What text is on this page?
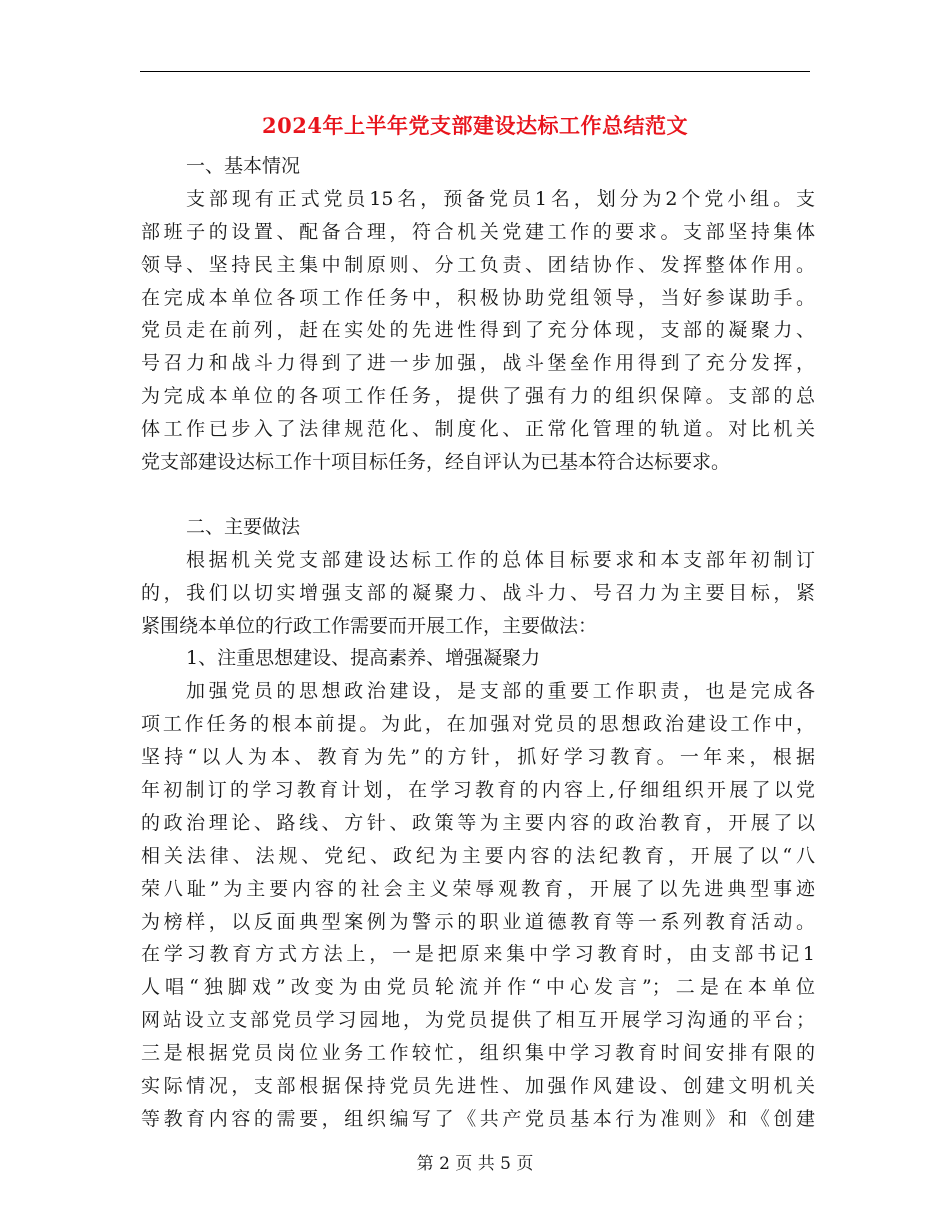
2024年上半年党支部建设达标工作总结范文
一、基本情况
支部现有正式党员15名，预备党员1名，划分为2个党小组。支
部班子的设置、配备合理，符合机关党建工作的要求。支部坚持集体
领导、坚持民主集中制原则、分工负责、团结协作、发挥整体作用。
在完成本单位各项工作任务中，积极协助党组领导，当好参谋助手。
党员走在前列，赶在实处的先进性得到了充分体现，支部的凝聚力、
号召力和战斗力得到了进一步加强，战斗堡垒作用得到了充分发挥，
为完成本单位的各项工作任务，提供了强有力的组织保障。支部的总
体工作已步入了法律规范化、制度化、正常化管理的轨道。对比机关
党支部建设达标工作十项目标任务，经自评认为已基本符合达标要求。
二、主要做法
根据机关党支部建设达标工作的总体目标要求和本支部年初制订
的，我们以切实增强支部的凝聚力、战斗力、号召力为主要目标，紧
紧围绕本单位的行政工作需要而开展工作，主要做法：
1、注重思想建设、提高素养、增强凝聚力
加强党员的思想政治建设，是支部的重要工作职责，也是完成各
项工作任务的根本前提。为此，在加强对党员的思想政治建设工作中，
坚持“以人为本、教育为先”的方针，抓好学习教育。一年来，根据
年初制订的学习教育计划，在学习教育的内容上,仔细组织开展了以党
的政治理论、路线、方针、政策等为主要内容的政治教育，开展了以
相关法律、法规、党纪、政纪为主要内容的法纪教育，开展了以“八
荣八耻”为主要内容的社会主义荣辱观教育，开展了以先进典型事迹
为榜样，以反面典型案例为警示的职业道德教育等一系列教育活动。
在学习教育方式方法上，一是把原来集中学习教育时，由支部书记1
人唱“独脚戏”改变为由党员轮流并作“中心发言”；二是在本单位
网站设立支部党员学习园地，为党员提供了相互开展学习沟通的平台；
三是根据党员岗位业务工作较忙，组织集中学习教育时间安排有限的
实际情况，支部根据保持党员先进性、加强作风建设、创建文明机关
等教育内容的需要，组织编写了《共产党员基本行为准则》和《创建
第 2 页 共 5 页
